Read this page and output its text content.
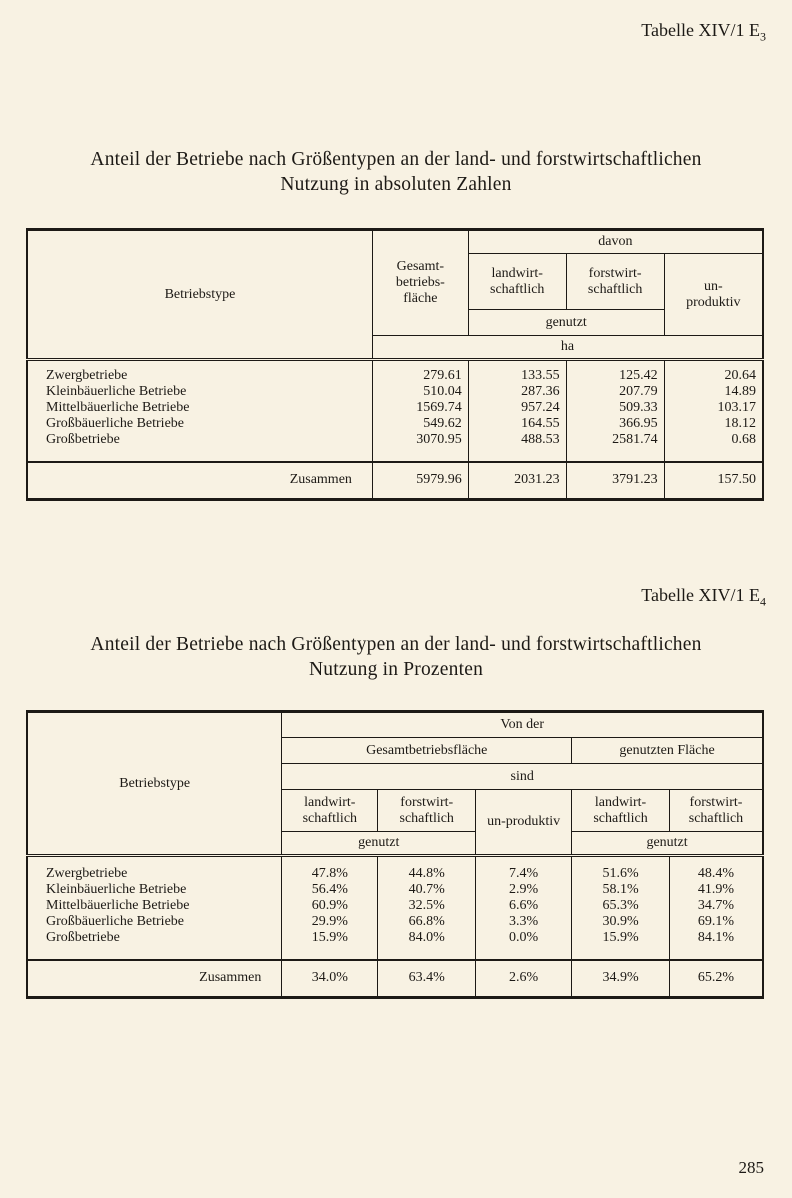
Tabelle XIV/1 $E_3$
Anteil der Betriebe nach Größentypen an der land- und forstwirtschaftlichen
Nutzung in absoluten Zahlen
Betriebstype	Gesamt-betriebs-fläche	davon		
		landwirt-schaftlich	forstwirt-schaftlich	un-produktiv
		genutzt		
	ha			

Zwergbetriebe	279.61	133.55	125.42	20.64
Kleinbäuerliche Betriebe	510.04	287.36	207.79	14.89
Mittelbäuerliche Betriebe	1569.74	957.24	509.33	103.17
Großbäuerliche Betriebe	549.62	164.55	366.95	18.12
Großbetriebe	3070.95	488.53	2581.74	0.68

Zusammen	5979.96	2031.23	3791.23	157.50
Tabelle XIV/1 $E_4$
Anteil der Betriebe nach Größentypen an der land- und forstwirtschaftlichen
Nutzung in Prozenten
Betriebstype	Von der				
	Gesamtbetriebsfläche			genutzten Fläche	
	sind				
	landwirt-schaftlich	forstwirt-schaftlich	un-produktiv	landwirt-schaftlich	forstwirt-schaftlich
	genutzt			genutzt	

Zwergbetriebe	47.8%	44.8%	7.4%	51.6%	48.4%
Kleinbäuerliche Betriebe	56.4%	40.7%	2.9%	58.1%	41.9%
Mittelbäuerliche Betriebe	60.9%	32.5%	6.6%	65.3%	34.7%
Großbäuerliche Betriebe	29.9%	66.8%	3.3%	30.9%	69.1%
Großbetriebe	15.9%	84.0%	0.0%	15.9%	84.1%

Zusammen	34.0%	63.4%	2.6%	34.9%	65.2%
285
